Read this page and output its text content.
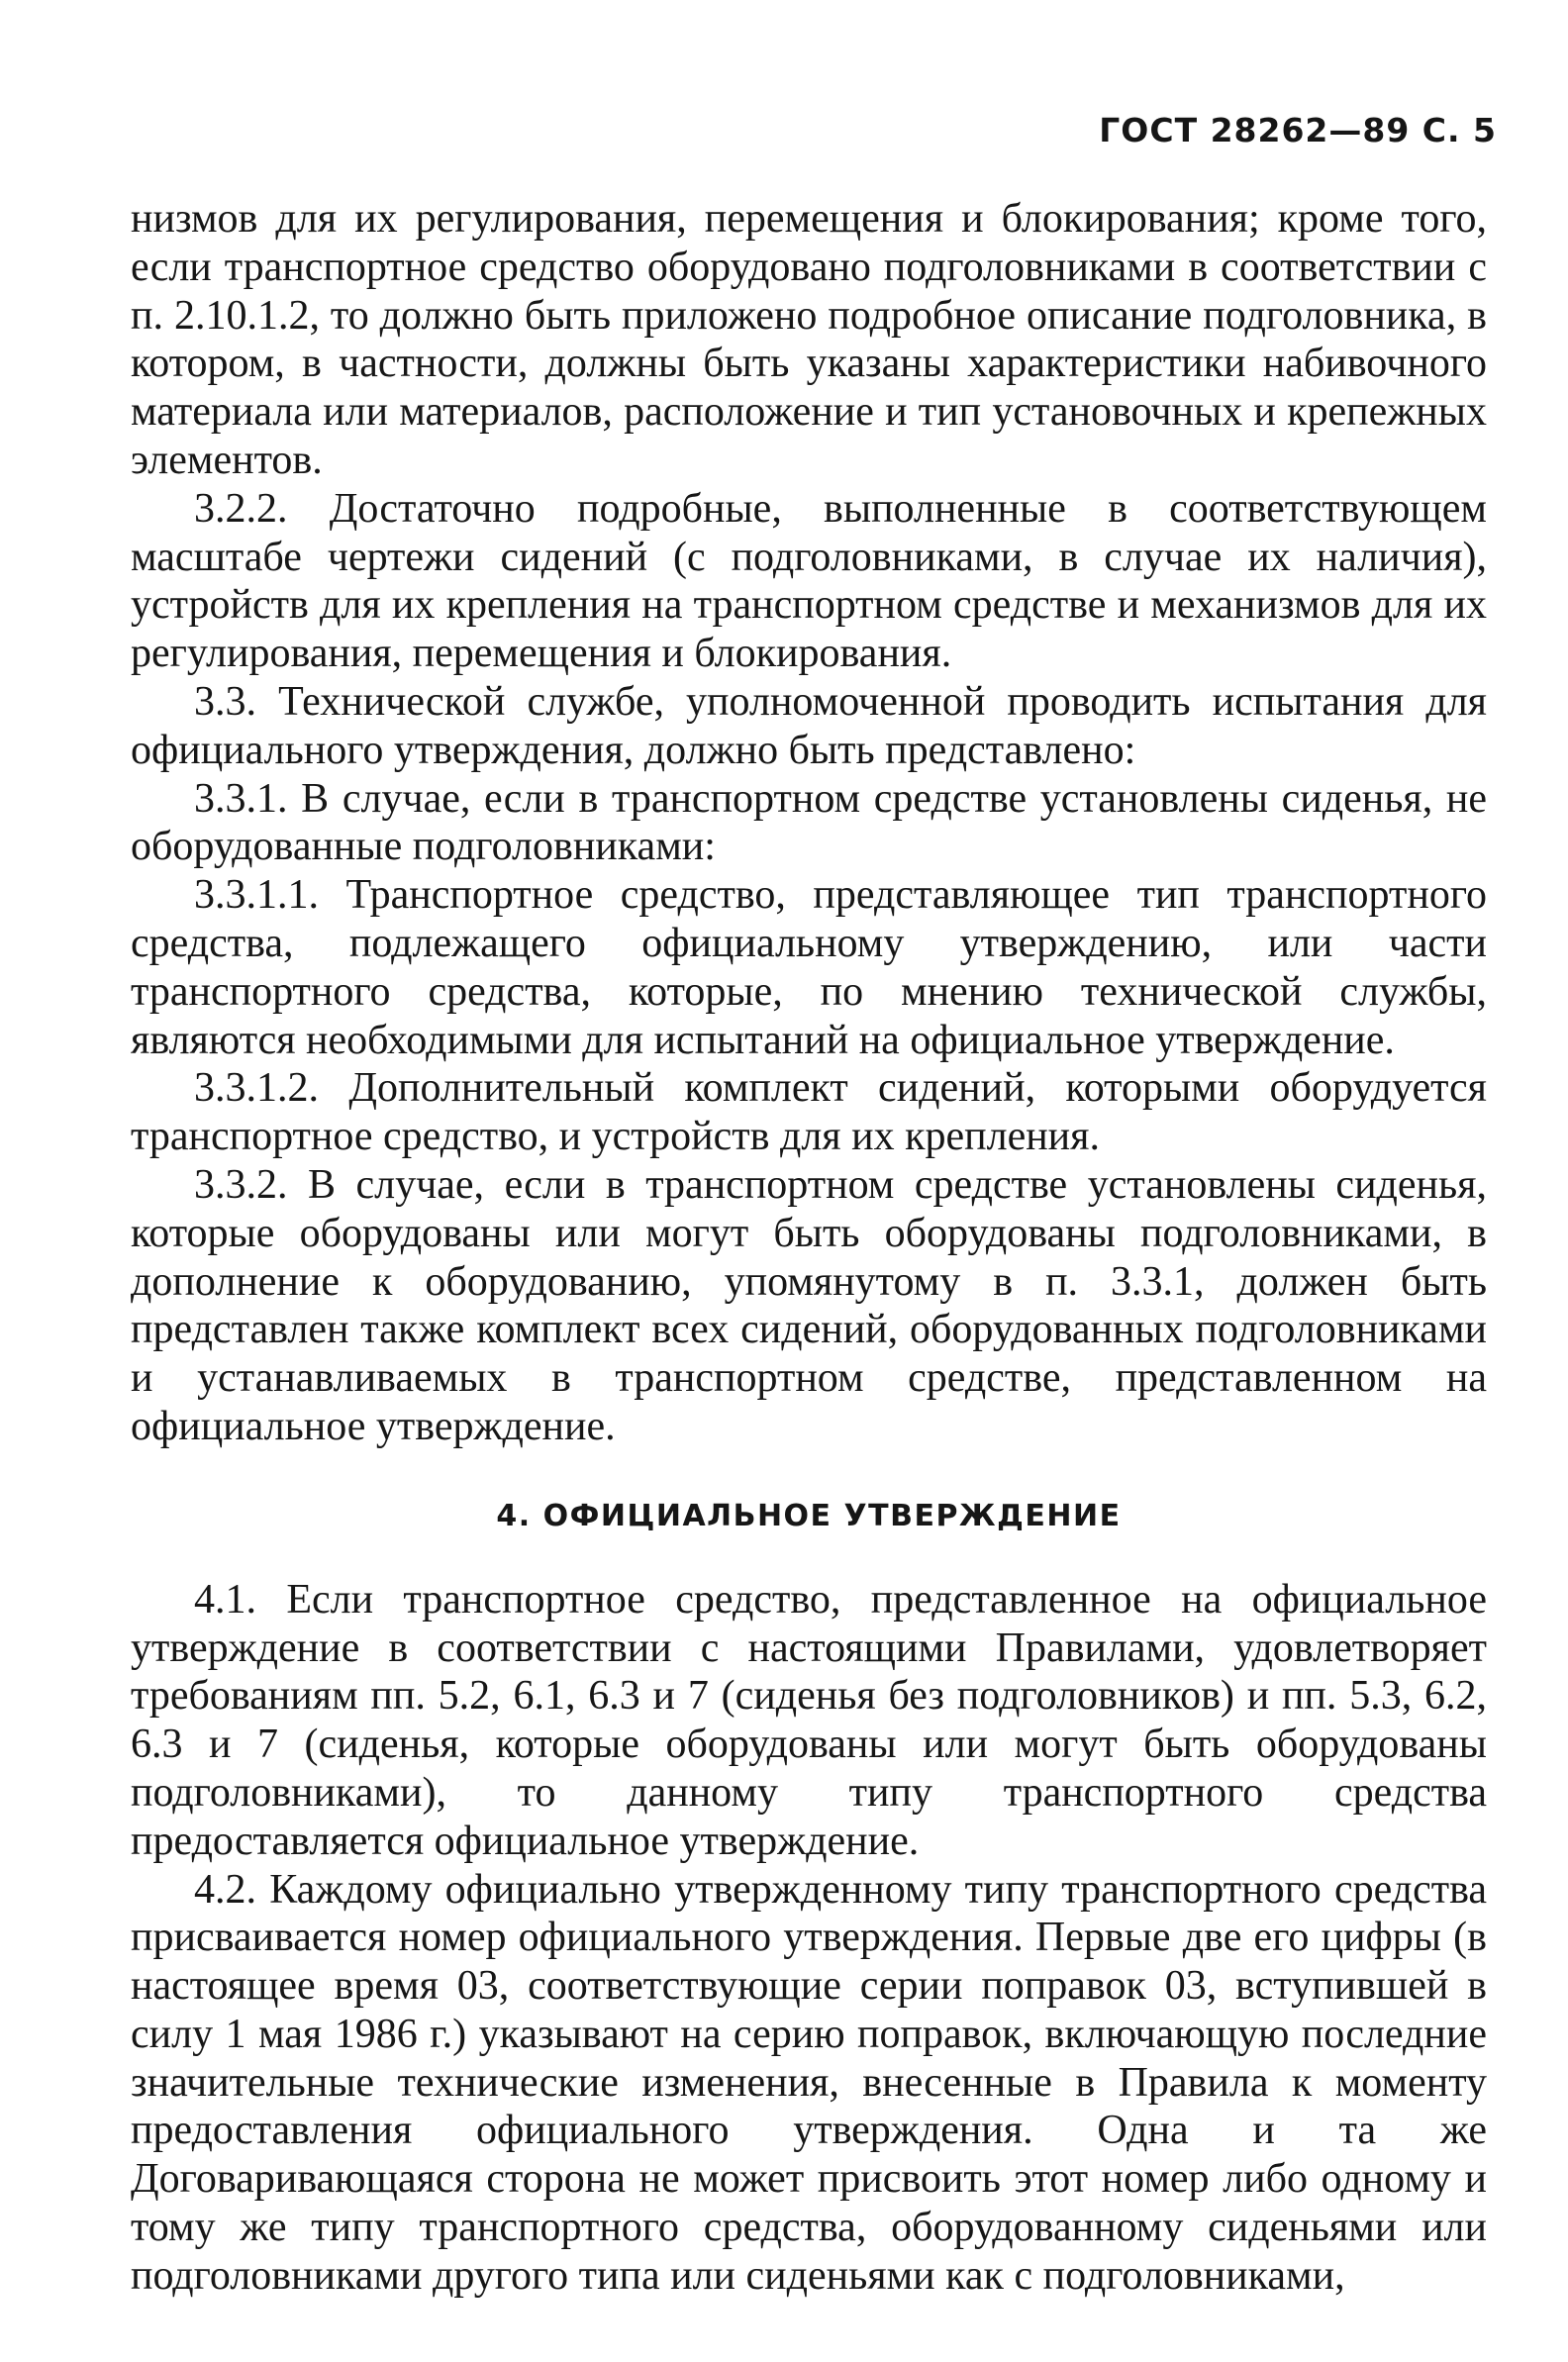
ГОСТ 28262—89 С. 5

низмов для их регулирования, перемещения и блокирования; кроме того, если транспортное средство оборудовано подголовниками в соответствии с п. 2.10.1.2, то должно быть приложено подробное описание подголовника, в котором, в частности, должны быть указаны характеристики набивочного материала или материалов, расположение и тип установочных и крепежных элементов.

3.2.2. Достаточно подробные, выполненные в соответствующем масштабе чертежи сидений (с подголовниками, в случае их наличия), устройств для их крепления на транспортном средстве и механизмов для их регулирования, перемещения и блокирования.

3.3. Технической службе, уполномоченной проводить испытания для официального утверждения, должно быть представлено:

3.3.1. В случае, если в транспортном средстве установлены сиденья, не оборудованные подголовниками:

3.3.1.1. Транспортное средство, представляющее тип транспортного средства, подлежащего официальному утверждению, или части транспортного средства, которые, по мнению технической службы, являются необходимыми для испытаний на официальное утверждение.

3.3.1.2. Дополнительный комплект сидений, которыми оборудуется транспортное средство, и устройств для их крепления.

3.3.2. В случае, если в транспортном средстве установлены сиденья, которые оборудованы или могут быть оборудованы подголовниками, в дополнение к оборудованию, упомянутому в п. 3.3.1, должен быть представлен также комплект всех сидений, оборудованных подголовниками и устанавливаемых в транспортном средстве, представленном на официальное утверждение.

4. ОФИЦИАЛЬНОЕ УТВЕРЖДЕНИЕ

4.1. Если транспортное средство, представленное на официальное утверждение в соответствии с настоящими Правилами, удовлетворяет требованиям пп. 5.2, 6.1, 6.3 и 7 (сиденья без подголовников) и пп. 5.3, 6.2, 6.3 и 7 (сиденья, которые оборудованы или могут быть оборудованы подголовниками), то данному типу транспортного средства предоставляется официальное утверждение.

4.2. Каждому официально утвержденному типу транспортного средства присваивается номер официального утверждения. Первые две его цифры (в настоящее время 03, соответствующие серии поправок 03, вступившей в силу 1 мая 1986 г.) указывают на серию поправок, включающую последние значительные технические изменения, внесенные в Правила к моменту предоставления официального утверждения. Одна и та же Договаривающаяся сторона не может присвоить этот номер либо одному и тому же типу транспортного средства, оборудованному сиденьями или подголовниками другого типа или сиденьями как с подголовниками,
